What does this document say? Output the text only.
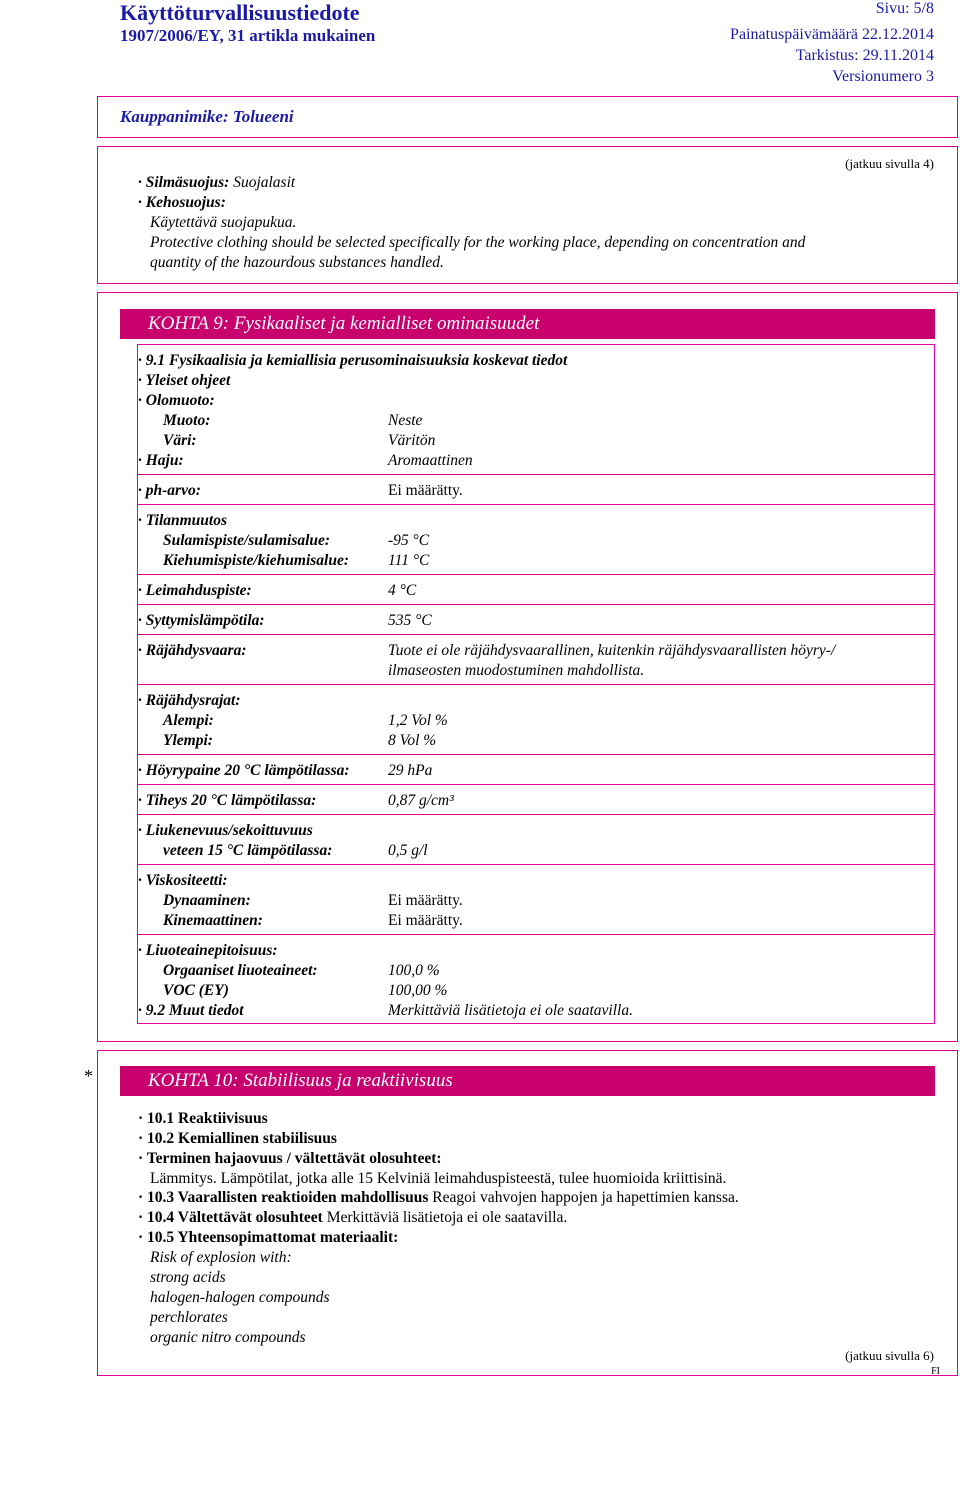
Käyttöturvallisuustiedote
1907/2006/EY, 31 artikla mukainen
Sivu: 5/8
Painatuspäivämäärä 22.12.2014
Tarkistus: 29.11.2014
Versionumero 3
Kauppanimike: Tolueeni
(jatkuu sivulla 4)
· Silmäsuojus: Suojalasit
· Kehosuojus:
Käytettävä suojapukua.
Protective clothing should be selected specifically for the working place, depending on concentration and
quantity of the hazourdous substances handled.
KOHTA 9: Fysikaaliset ja kemialliset ominaisuudet
· 9.1 Fysikaalisia ja kemiallisia perusominaisuuksia koskevat tiedot
· Yleiset ohjeet
· Olomuoto:
Muoto:	Neste
Väri:	Väritön
· Haju:	Aromaattinen
· ph-arvo:	Ei määrätty.
· Tilanmuutos
Sulamispiste/sulamisalue:	-95 °C
Kiehumispiste/kiehumisalue:	111 °C
· Leimahduspiste:	4 °C
· Syttymislämpötila:	535 °C
· Räjähdysvaara:	Tuote ei ole räjähdysvaarallinen, kuitenkin räjähdysvaarallisten höyry-/
ilmaseosten muodostuminen mahdollista.
· Räjähdysrajat:
Alempi:	1,2 Vol %
Ylempi:	8 Vol %
· Höyrypaine 20 °C lämpötilassa: 29 hPa
· Tiheys 20 °C lämpötilassa:	0,87 g/cm³
· Liukenevuus/sekoittuvuus
veteen 15 °C lämpötilassa:	0,5 g/l
· Viskositeetti:
Dynaaminen:	Ei määrätty.
Kinemaattinen:	Ei määrätty.
· Liuoteainepitoisuus:
Orgaaniset liuoteaineet:	100,0 %
VOC (EY)	100,00 %
· 9.2 Muut tiedot	Merkittäviä lisätietoja ei ole saatavilla.
*	KOHTA 10: Stabiilisuus ja reaktiivisuus
· 10.1 Reaktiivisuus
· 10.2 Kemiallinen stabiilisuus
· Terminen hajaovuus / vältettävät olosuhteet:
Lämmitys. Lämpötilat, jotka alle 15 Kelviniä leimahduspisteestä, tulee huomioida kriittisinä.
· 10.3 Vaarallisten reaktioiden mahdollisuus Reagoi vahvojen happojen ja hapettimien kanssa.
· 10.4 Vältettävät olosuhteet Merkittäviä lisätietoja ei ole saatavilla.
· 10.5 Yhteensopimattomat materiaalit:
Risk of explosion with:
strong acids
halogen-halogen compounds
perchlorates
organic nitro compounds
(jatkuu sivulla 6)
FI
